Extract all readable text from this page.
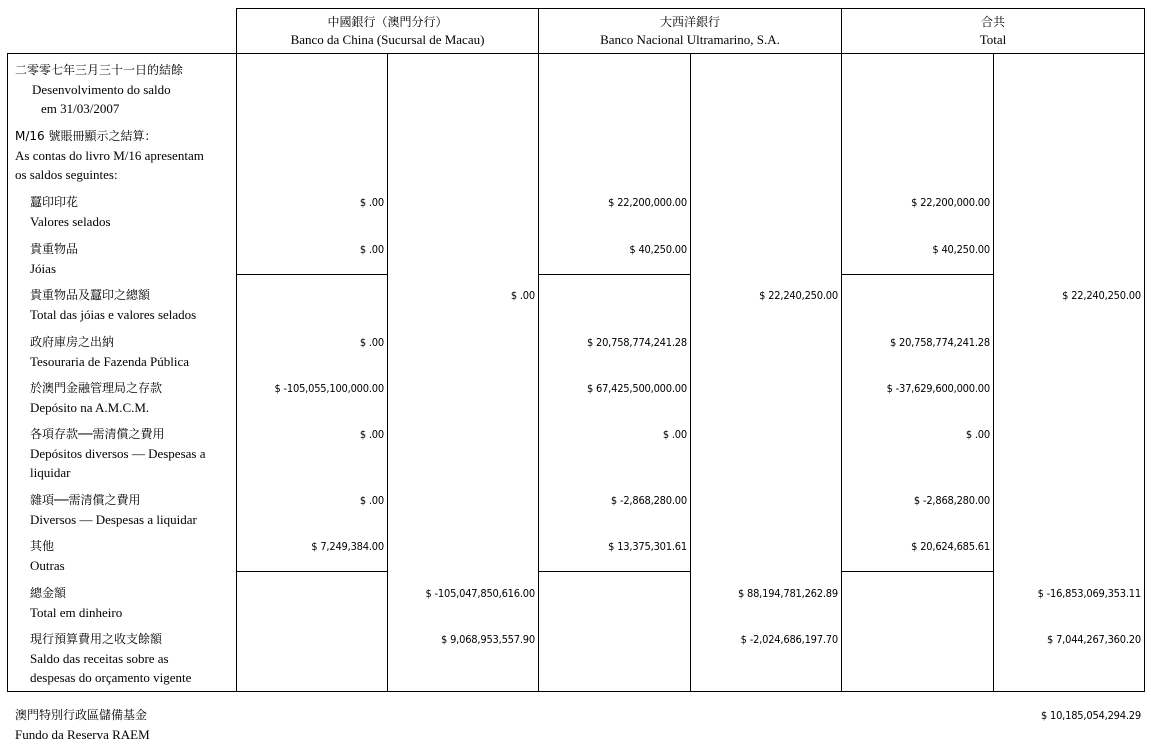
中國銀行（澳門分行）
Banco da China (Sucursal de Macau)
大西洋銀行
Banco Nacional Ultramarino, S.A.
合共
Total
二零零七年三月三十一日的結餘
Desenvolvimento do saldo
em 31/03/2007
M/16 號賬冊顯示之結算：
As contas do livro M/16 apresentam
os saldos seguintes:
蠶印印花
Valores selados
$ .00	$ 22,200,000.00	$ 22,200,000.00
貴重物品
Jóias
$ .00	$ 40,250.00	$ 40,250.00
貴重物品及蠶印之總額
Total das jóias e valores selados
$ .00	$ 22,240,250.00	$ 22,240,250.00
政府庫房之出納
Tesouraria de Fazenda Pública
$ .00	$ 20,758,774,241.28	$ 20,758,774,241.28
於澳門金融管理局之存款
Depósito na A.M.C.M.
$ -105,055,100,000.00	$ 67,425,500,000.00	$ -37,629,600,000.00
各項存款──需清償之費用
Depósitos diversos — Despesas a
liquidar
$ .00	$ .00	$ .00
雜項──需清償之費用
Diversos — Despesas a liquidar
$ .00	$ -2,868,280.00	$ -2,868,280.00
其他
Outras
$ 7,249,384.00	$ 13,375,301.61	$ 20,624,685.61
總金額
Total em dinheiro
$ -105,047,850,616.00	$ 88,194,781,262.89	$ -16,853,069,353.11
現行預算費用之收支餘額
Saldo das receitas sobre as
despesas do orçamento vigente
$ 9,068,953,557.90	$ -2,024,686,197.70	$ 7,044,267,360.20
澳門特別行政區儲備基金
Fundo da Reserva RAEM
$ 10,185,054,294.29
